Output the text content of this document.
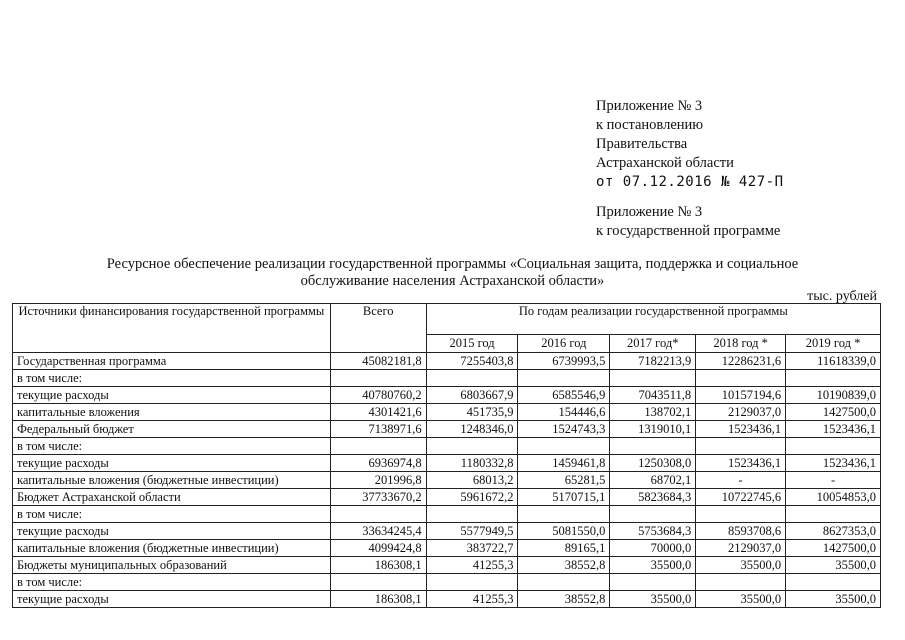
Приложение № 3
к постановлению
Правительства
Астраханской области
от 07.12.2016 № 427-П
Приложение № 3
к государственной программе
Ресурсное обеспечение реализации государственной программы «Социальная защита, поддержка и социальное
обслуживание населения Астраханской области»
тыс. рублей
Источники финансирования государственной программы	Всего	По годам реализации государственной программы				
		2015 год	2016 год	2017 год*	2018 год *	2019 год *
Государственная программа	45082181,8	7255403,8	6739993,5	7182213,9	12286231,6	11618339,0
в том числе:						
текущие расходы	40780760,2	6803667,9	6585546,9	7043511,8	10157194,6	10190839,0
капитальные вложения	4301421,6	451735,9	154446,6	138702,1	2129037,0	1427500,0
Федеральный бюджет	7138971,6	1248346,0	1524743,3	1319010,1	1523436,1	1523436,1
в том числе:						
текущие расходы	6936974,8	1180332,8	1459461,8	1250308,0	1523436,1	1523436,1
капитальные вложения (бюджетные инвестиции)	201996,8	68013,2	65281,5	68702,1	-	-
Бюджет Астраханской области	37733670,2	5961672,2	5170715,1	5823684,3	10722745,6	10054853,0
в том числе:						
текущие расходы	33634245,4	5577949,5	5081550,0	5753684,3	8593708,6	8627353,0
капитальные вложения (бюджетные инвестиции)	4099424,8	383722,7	89165,1	70000,0	2129037,0	1427500,0
Бюджеты муниципальных образований	186308,1	41255,3	38552,8	35500,0	35500,0	35500,0
в том числе:						
текущие расходы	186308,1	41255,3	38552,8	35500,0	35500,0	35500,0
